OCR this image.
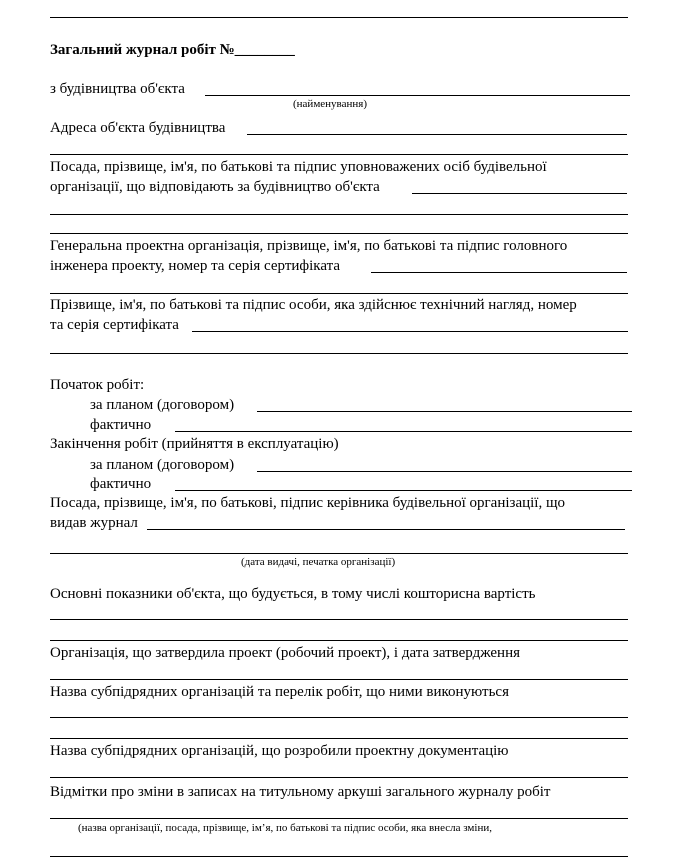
Загальний журнал робіт №________
з будівництва об'єкта
(найменування)
Адреса об'єкта будівництва
Посада, прізвище, ім'я, по батькові та підпис уповноважених осіб будівельної
організації, що відповідають за будівництво об'єкта
Генеральна проектна організація, прізвище, ім'я, по батькові та підпис головного
інженера проекту, номер та серія сертифіката
Прізвище, ім'я, по батькові та підпис особи, яка здійснює технічний нагляд, номер
та серія сертифіката
Початок робіт:
за планом (договором)
фактично
Закінчення робіт (прийняття в експлуатацію)
за планом (договором)
фактично
Посада, прізвище, ім'я, по батькові, підпис керівника будівельної організації, що
видав журнал
(дата видачі, печатка організації)
Основні показники об'єкта, що будується, в тому числі кошторисна вартість
Організація, що затвердила проект (робочий проект), і дата затвердження
Назва субпідрядних організацій та перелік робіт, що ними виконуються
Назва субпідрядних організацій, що розробили проектну документацію
Відмітки про зміни в записах на титульному аркуші загального журналу робіт
(назва організації, посада, прізвище, ім’я, по батькові та підпис особи, яка внесла зміни,
